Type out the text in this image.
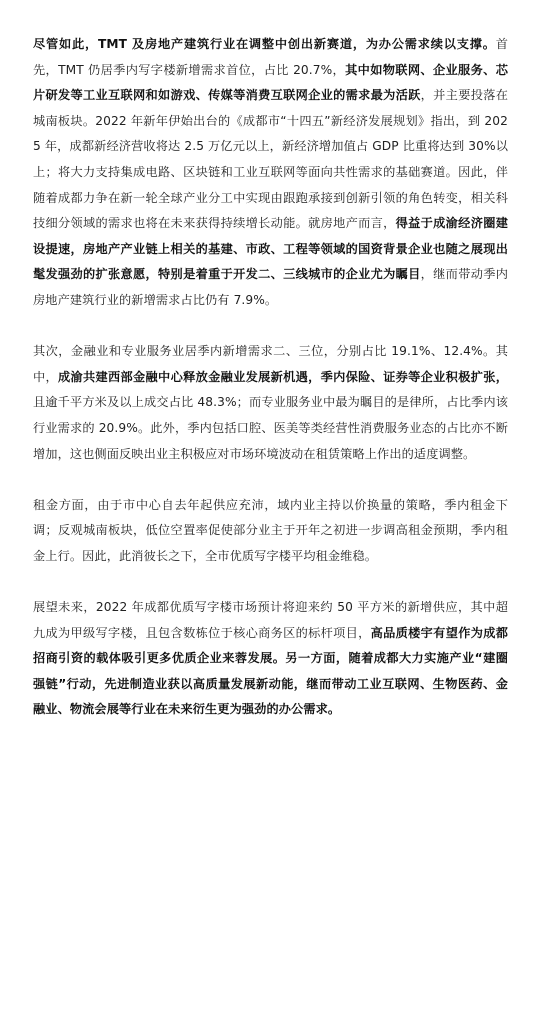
尽管如此，TMT 及房地产建筑行业在调整中创出新赛道，为办公需求续以支撑。首先，TMT 仍居季内写字楼新增需求首位，占比 20.7%，其中如物联网、企业服务、芯片研发等工业互联网和如游戏、传媒等消费互联网企业的需求最为活跃，并主要投落在城南板块。2022 年新年伊始出台的《成都市“十四五”新经济发展规划》指出，到 2025 年，成都新经济营收将达 2.5 万亿元以上，新经济增加值占 GDP 比重将达到 30%以上；将大力支持集成电路、区块链和工业互联网等面向共性需求的基础赛道。因此，伴随着成都力争在新一轮全球产业分工中实现由跟跑承接到创新引领的角色转变，相关科技细分领域的需求也将在未来获得持续增长动能。就房地产而言，得益于成渝经济圈建设提速，房地产产业链上相关的基建、市政、工程等领域的国资背景企业也随之展现出髦发强劲的扩张意愿，特别是着重于开发二、三线城市的企业尤为瞩目，继而带动季内房地产建筑行业的新增需求占比仍有 7.9%。

其次，金融业和专业服务业居季内新增需求二、三位，分别占比 19.1%、12.4%。其中，成渝共建西部金融中心释放金融业发展新机遇，季内保险、证券等企业积极扩张，且逾千平方米及以上成交占比 48.3%；而专业服务业中最为瞩目的是律所，占比季内该行业需求的 20.9%。此外，季内包括口腔、医美等类经营性消费服务业态的占比亦不断增加，这也侧面反映出业主积极应对市场环境波动在租赁策略上作出的适度调整。

租金方面，由于市中心自去年起供应充沛，域内业主持以价换量的策略，季内租金下调；反观城南板块，低位空置率促使部分业主于开年之初进一步调高租金预期，季内租金上行。因此，此消彼长之下，全市优质写字楼平均租金维稳。

展望未来，2022 年成都优质写字楼市场预计将迎来约 50 平方米的新增供应，其中超九成为甲级写字楼，且包含数栋位于核心商务区的标杆项目，高品质楼宇有望作为成都招商引资的载体吸引更多优质企业来蓉发展。另一方面，随着成都大力实施产业“建圈强链”行动，先进制造业获以高质量发展新动能，继而带动工业互联网、生物医药、金融业、物流会展等行业在未来衍生更为强劲的办公需求。
